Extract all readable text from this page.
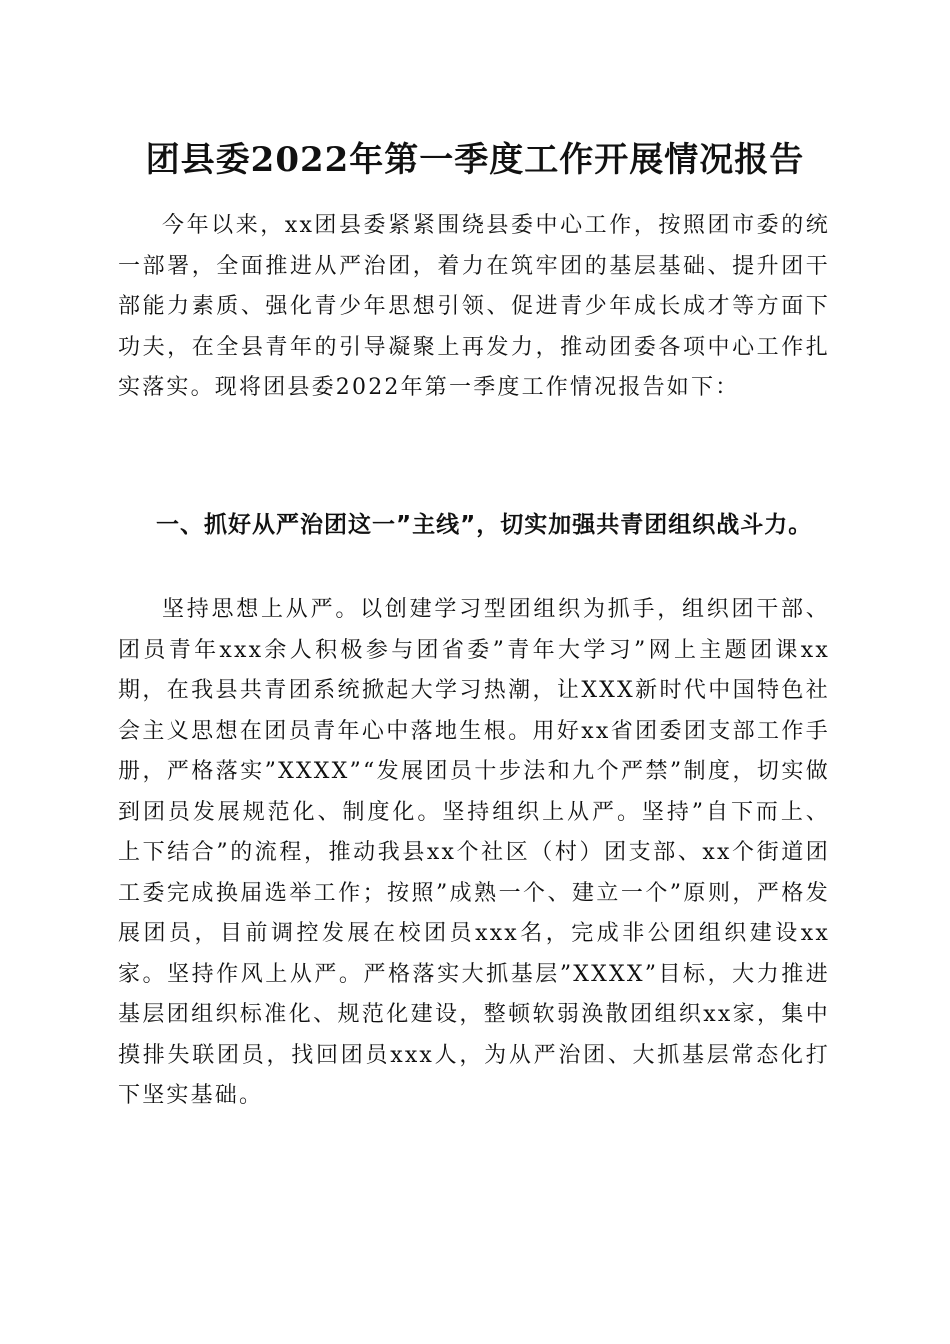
团县委2022年第一季度工作开展情况报告

今年以来，xx团县委紧紧围绕县委中心工作，按照团市委的统一部署，全面推进从严治团，着力在筑牢团的基层基础、提升团干部能力素质、强化青少年思想引领、促进青少年成长成才等方面下功夫，在全县青年的引导凝聚上再发力，推动团委各项中心工作扎实落实。现将团县委2022年第一季度工作情况报告如下：

一、抓好从严治团这一”主线”，切实加强共青团组织战斗力。

坚持思想上从严。以创建学习型团组织为抓手，组织团干部、团员青年xxx余人积极参与团省委”青年大学习”网上主题团课xx期，在我县共青团系统掀起大学习热潮，让XXX新时代中国特色社会主义思想在团员青年心中落地生根。用好xx省团委团支部工作手册，严格落实”XXXX”“发展团员十步法和九个严禁”制度，切实做到团员发展规范化、制度化。坚持组织上从严。坚持”自下而上、上下结合”的流程，推动我县xx个社区（村）团支部、xx个街道团工委完成换届选举工作；按照”成熟一个、建立一个”原则，严格发展团员，目前调控发展在校团员xxx名，完成非公团组织建设xx家。坚持作风上从严。严格落实大抓基层”XXXX”目标，大力推进基层团组织标准化、规范化建设，整顿软弱涣散团组织xx家，集中摸排失联团员，找回团员xxx人，为从严治团、大抓基层常态化打下坚实基础。
